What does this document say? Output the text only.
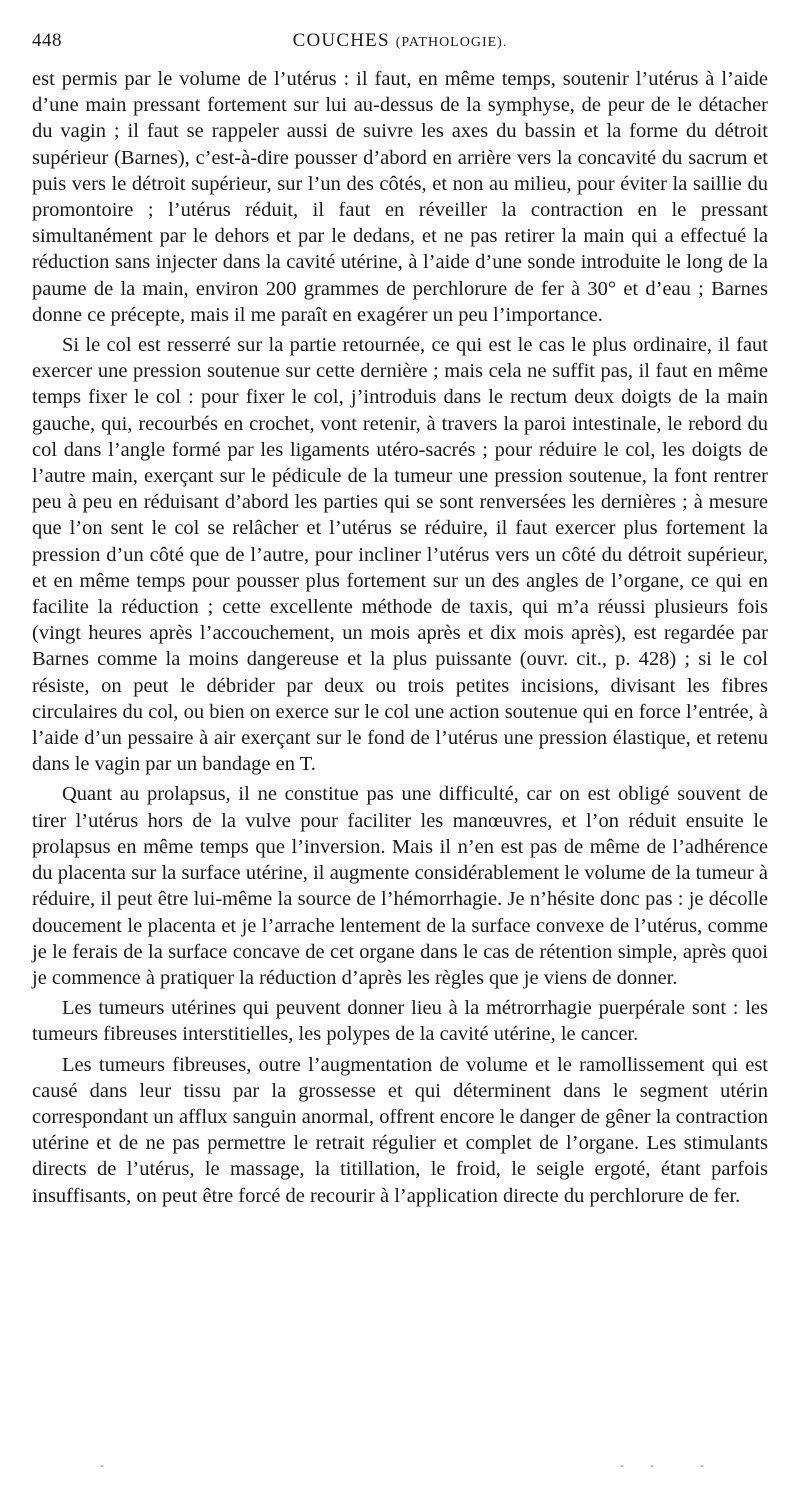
448	COUCHES (PATHOLOGIE).

est permis par le volume de l’utérus : il faut, en même temps, soutenir l’utérus à l’aide d’une main pressant fortement sur lui au-dessus de la symphyse, de peur de le détacher du vagin ; il faut se rappeler aussi de suivre les axes du bassin et la forme du détroit supérieur (Barnes), c’est-à-dire pousser d’abord en arrière vers la concavité du sacrum et puis vers le détroit supérieur, sur l’un des côtés, et non au milieu, pour éviter la saillie du promontoire ; l’utérus réduit, il faut en réveiller la contraction en le pressant simultanément par le dehors et par le dedans, et ne pas retirer la main qui a effectué la réduction sans injecter dans la cavité utérine, à l’aide d’une sonde introduite le long de la paume de la main, environ 200 grammes de perchlorure de fer à 30° et d’eau ; Barnes donne ce précepte, mais il me paraît en exagérer un peu l’importance.

Si le col est resserré sur la partie retournée, ce qui est le cas le plus ordinaire, il faut exercer une pression soutenue sur cette dernière ; mais cela ne suffit pas, il faut en même temps fixer le col : pour fixer le col, j’introduis dans le rectum deux doigts de la main gauche, qui, recourbés en crochet, vont retenir, à travers la paroi intestinale, le rebord du col dans l’angle formé par les ligaments utéro-sacrés ; pour réduire le col, les doigts de l’autre main, exerçant sur le pédicule de la tumeur une pression soutenue, la font rentrer peu à peu en réduisant d’abord les parties qui se sont renversées les dernières ; à mesure que l’on sent le col se relâcher et l’utérus se réduire, il faut exercer plus fortement la pression d’un côté que de l’autre, pour incliner l’utérus vers un côté du détroit supérieur, et en même temps pour pousser plus fortement sur un des angles de l’organe, ce qui en facilite la réduction ; cette excellente méthode de taxis, qui m’a réussi plusieurs fois (vingt heures après l’accouchement, un mois après et dix mois après), est regardée par Barnes comme la moins dangereuse et la plus puissante (ouvr. cit., p. 428) ; si le col résiste, on peut le débrider par deux ou trois petites incisions, divisant les fibres circulaires du col, ou bien on exerce sur le col une action soutenue qui en force l’entrée, à l’aide d’un pessaire à air exerçant sur le fond de l’utérus une pression élastique, et retenu dans le vagin par un bandage en T.

Quant au prolapsus, il ne constitue pas une difficulté, car on est obligé souvent de tirer l’utérus hors de la vulve pour faciliter les manœuvres, et l’on réduit ensuite le prolapsus en même temps que l’inversion. Mais il n’en est pas de même de l’adhérence du placenta sur la surface utérine, il augmente considérablement le volume de la tumeur à réduire, il peut être lui-même la source de l’hémorrhagie. Je n’hésite donc pas : je décolle doucement le placenta et je l’arrache lentement de la surface convexe de l’utérus, comme je le ferais de la surface concave de cet organe dans le cas de rétention simple, après quoi je commence à pratiquer la réduction d’après les règles que je viens de donner.

Les tumeurs utérines qui peuvent donner lieu à la métrorrhagie puerpérale sont : les tumeurs fibreuses interstitielles, les polypes de la cavité utérine, le cancer.

Les tumeurs fibreuses, outre l’augmentation de volume et le ramollissement qui est causé dans leur tissu par la grossesse et qui déterminent dans le segment utérin correspondant un afflux sanguin anormal, offrent encore le danger de gêner la contraction utérine et de ne pas permettre le retrait régulier et complet de l’organe. Les stimulants directs de l’utérus, le massage, la titillation, le froid, le seigle ergoté, étant parfois insuffisants, on peut être forcé de recourir à l’application directe du perchlorure de fer.

-	- -	-
